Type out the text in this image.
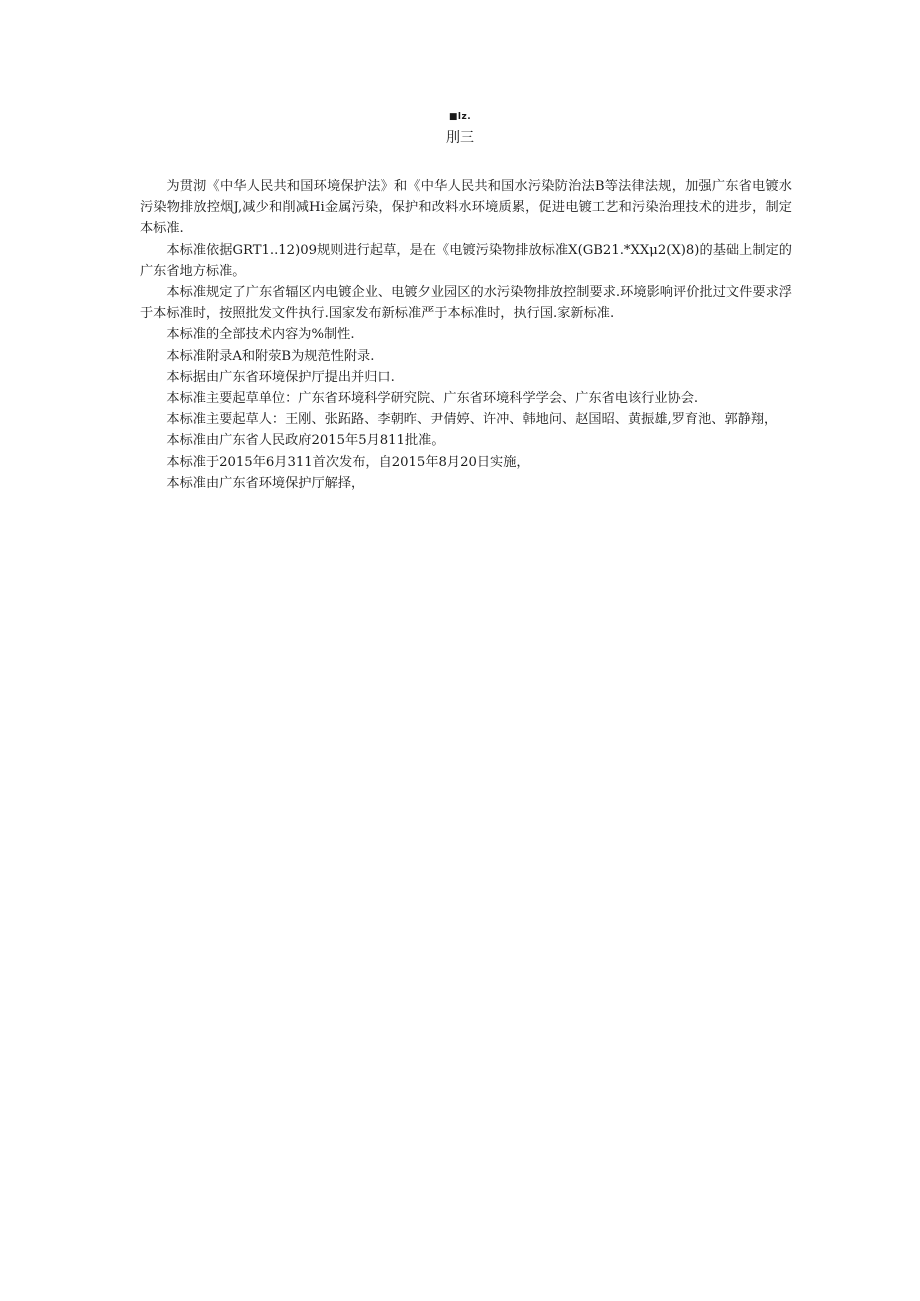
■lz.
刖三

为贯沏《中华人民共和国环境保护法》和《中华人民共和国水污染防治法B等法律法规，加强广东省电镀水污染物排放控烟J,减少和削减Hi金属污染，保护和改料水环境质累，促进电镀工艺和污染治理技术的进步，制定本标准.

本标准依据GRT1..12)09规则进行起草，是在《电镀污染物排放标准X(GB21.*XXμ2(X)8)的基础上制定的广东省地方标准。

本标准规定了广东省辐区内电镀企业、电镀夕业园区的水污染物排放控制要求.环境影响评价批过文件要求浮于本标准时，按照批发文件执行.国家发布新标准严于本标准时，执行国.家新标准.

本标准的全部技术内容为%制性.

本标准附录A和附荥B为规范性附录.

本标据由广东省环境保护厅提出并归口.

本标准主要起草单位：广东省环境科学研究院、广东省环境科学学会、广东省电该行业协会.

本标准主要起草人：王刚、张跖路、李朝昨、尹倩婷、许冲、韩地问、赵国昭、黄振雄,罗育池、郭静翔，

本标准由广东省人民政府2015年5月811批准。

本标准于2015年6月311首次发布，自2015年8月20日实施，

本标准由广东省环境保护厅解择，
